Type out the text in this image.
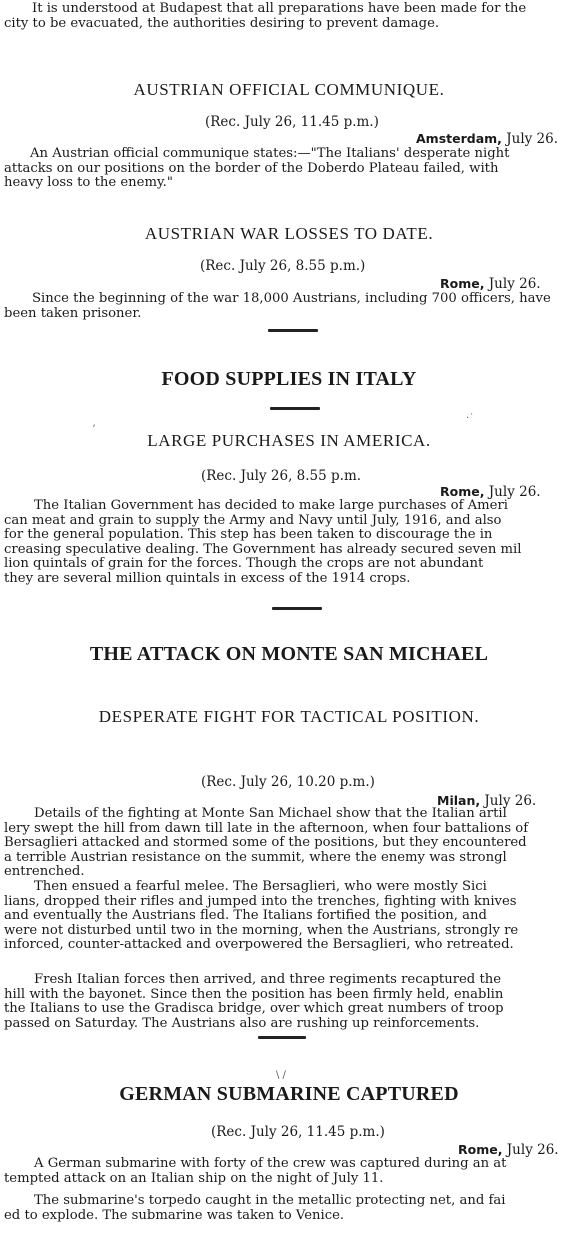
It is understood at Budapest that all preparations have been made for the
city to be evacuated, the authorities desiring to prevent damage.
AUSTRIAN OFFICIAL COMMUNIQUE.
(Rec. July 26, 11.45 p.m.)
Amsterdam, July 26.
An Austrian official communique states:—"The Italians' desperate night
attacks on our positions on the border of the Doberdo Plateau failed, with
heavy loss to the enemy."
AUSTRIAN WAR LOSSES TO DATE.
(Rec. July 26, 8.55 p.m.)
Rome, July 26.
Since the beginning of the war 18,000 Austrians, including 700 officers, have
been taken prisoner.
FOOD SUPPLIES IN ITALY
LARGE PURCHASES IN AMERICA.
(Rec. July 26, 8.55 p.m.
Rome, July 26.
The Italian Government has decided to make large purchases of Ameri
can meat and grain to supply the Army and Navy until July, 1916, and also
for the general population. This step has been taken to discourage the in
creasing speculative dealing. The Government has already secured seven mil
lion quintals of grain for the forces. Though the crops are not abundant
they are several million quintals in excess of the 1914 crops.
THE ATTACK ON MONTE SAN MICHAEL
DESPERATE FIGHT FOR TACTICAL POSITION.
(Rec. July 26, 10.20 p.m.)
Milan, July 26.
Details of the fighting at Monte San Michael show that the Italian artil
lery swept the hill from dawn till late in the afternoon, when four battalions of
Bersaglieri attacked and stormed some of the positions, but they encountered
a terrible Austrian resistance on the summit, where the enemy was strongl
entrenched.
Then ensued a fearful melee. The Bersaglieri, who were mostly Sici
lians, dropped their rifles and jumped into the trenches, fighting with knives
and eventually the Austrians fled. The Italians fortified the position, and
were not disturbed until two in the morning, when the Austrians, strongly re
inforced, counter-attacked and overpowered the Bersaglieri, who retreated.
Fresh Italian forces then arrived, and three regiments recaptured the
hill with the bayonet. Since then the position has been firmly held, enablin
the Italians to use the Gradisca bridge, over which great numbers of troop
passed on Saturday. The Austrians also are rushing up reinforcements.
GERMAN SUBMARINE CAPTURED
(Rec. July 26, 11.45 p.m.)
Rome, July 26.
A German submarine with forty of the crew was captured during an at
tempted attack on an Italian ship on the night of July 11.
The submarine's torpedo caught in the metallic protecting net, and fai
ed to explode. The submarine was taken to Venice.
·˙
ʼ
\ /
